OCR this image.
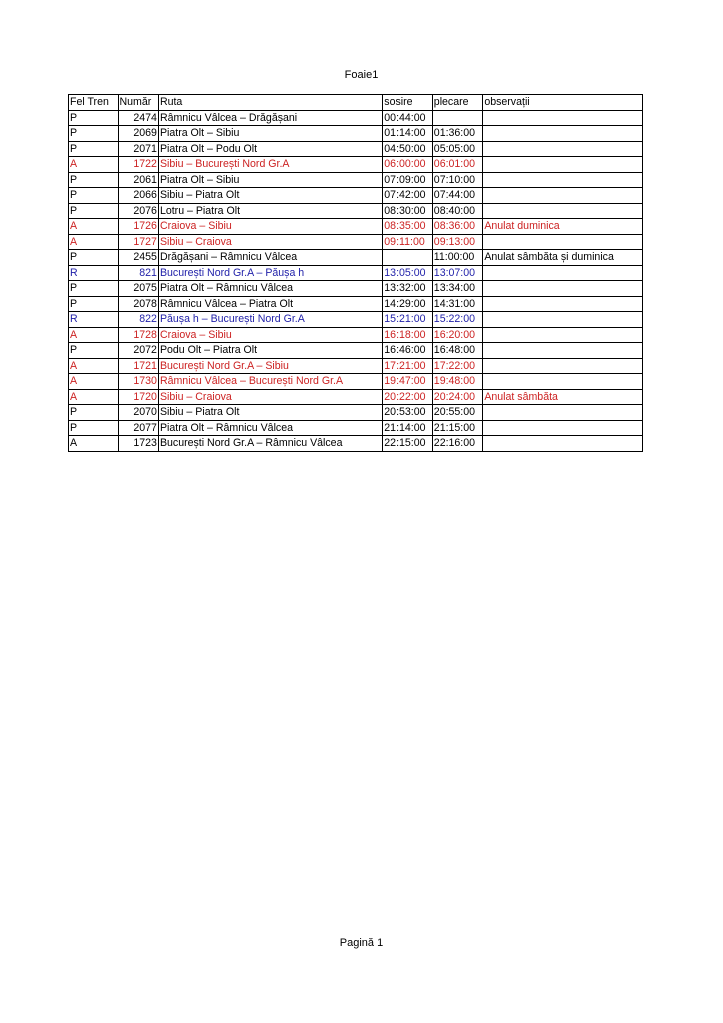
Foaie1
Fel Tren	Număr	Ruta	sosire	plecare	observații
P	2474	Râmnicu Vâlcea – Drăgășani	00:44:00		
P	2069	Piatra Olt – Sibiu	01:14:00	01:36:00	
P	2071	Piatra Olt – Podu Olt	04:50:00	05:05:00	
A	1722	Sibiu – București Nord Gr.A	06:00:00	06:01:00	
P	2061	Piatra Olt – Sibiu	07:09:00	07:10:00	
P	2066	Sibiu – Piatra Olt	07:42:00	07:44:00	
P	2076	Lotru – Piatra Olt	08:30:00	08:40:00	
A	1726	Craiova – Sibiu	08:35:00	08:36:00	Anulat duminica
A	1727	Sibiu – Craiova	09:11:00	09:13:00	
P	2455	Drăgășani – Râmnicu Vâlcea		11:00:00	Anulat sâmbăta și duminica
R	821	București Nord Gr.A – Păușa h	13:05:00	13:07:00	
P	2075	Piatra Olt – Râmnicu Vâlcea	13:32:00	13:34:00	
P	2078	Râmnicu Vâlcea – Piatra Olt	14:29:00	14:31:00	
R	822	Păușa h – București Nord Gr.A	15:21:00	15:22:00	
A	1728	Craiova – Sibiu	16:18:00	16:20:00	
P	2072	Podu Olt – Piatra Olt	16:46:00	16:48:00	
A	1721	București Nord Gr.A – Sibiu	17:21:00	17:22:00	
A	1730	Râmnicu Vâlcea – București Nord Gr.A	19:47:00	19:48:00	
A	1720	Sibiu – Craiova	20:22:00	20:24:00	Anulat sâmbăta
P	2070	Sibiu – Piatra Olt	20:53:00	20:55:00	
P	2077	Piatra Olt – Râmnicu Vâlcea	21:14:00	21:15:00	
A	1723	București Nord Gr.A – Râmnicu Vâlcea	22:15:00	22:16:00	
Pagină 1
